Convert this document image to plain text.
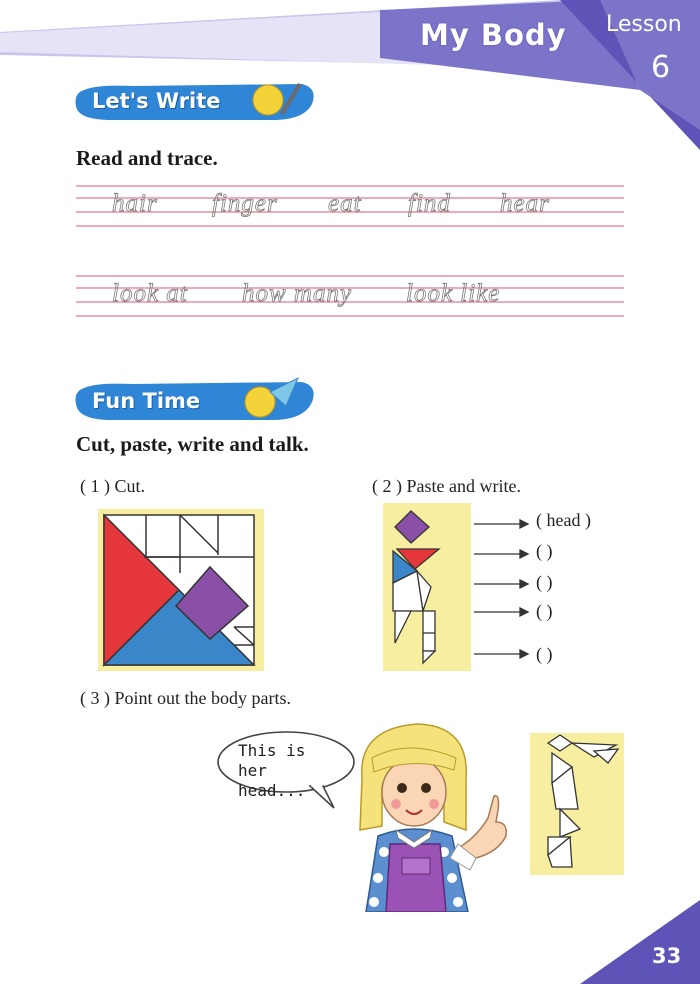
My Body Lesson
6
Let's Write
Read and trace.
hair finger eat find hear
look at how many look like
Fun Time
Cut, paste, write and talk.
( 1 ) Cut.	( 2 ) Paste and write.
( head )
( )
( )
( )
( )
( 3 ) Point out the body parts.
This is her head...
33
